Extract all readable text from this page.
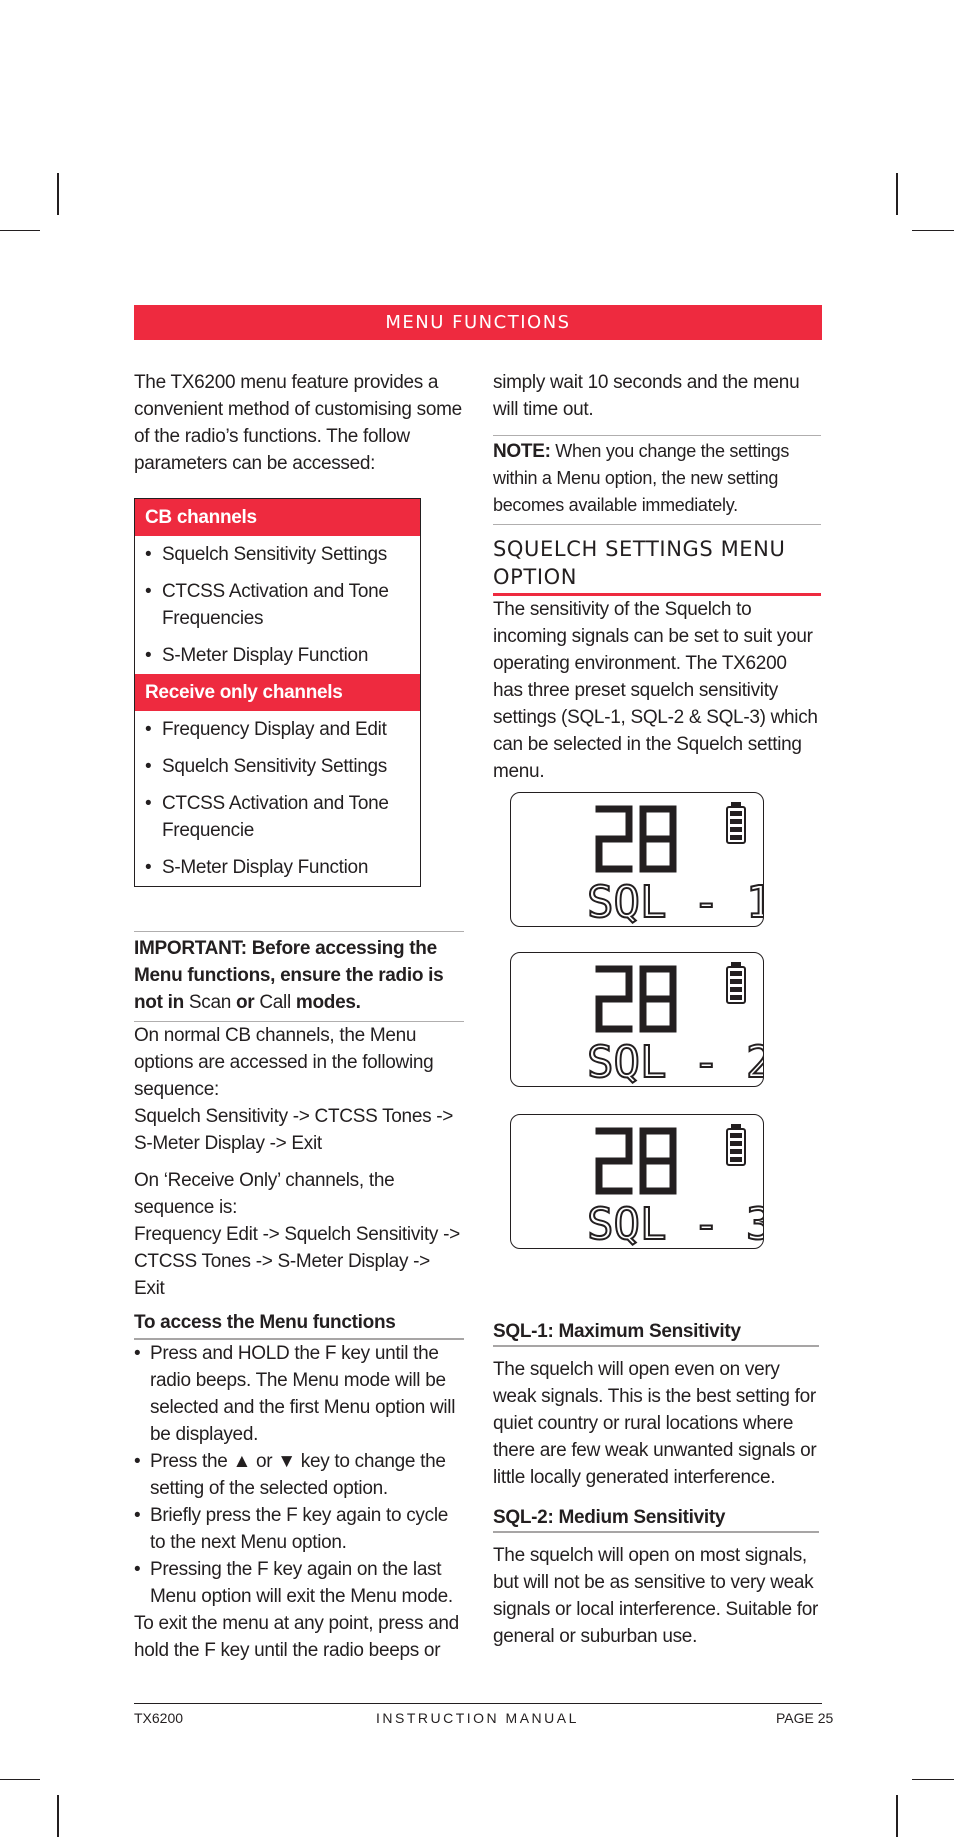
MENU FUNCTIONS

The TX6200 menu feature provides a convenient method of customising some of the radio’s functions. The follow parameters can be accessed:

CB channels
• Squelch Sensitivity Settings
• CTCSS Activation and Tone Frequencies
• S-Meter Display Function
Receive only channels
• Frequency Display and Edit
• Squelch Sensitivity Settings
• CTCSS Activation and Tone Frequencie
• S-Meter Display Function
IMPORTANT: Before accessing the Menu functions, ensure the radio is not in Scan or Call modes.

On normal CB channels, the Menu options are accessed in the following sequence:

Squelch Sensitivity -> CTCSS Tones -> S-Meter Display -> Exit

On ‘Receive Only’ channels, the sequence is:

Frequency Edit -> Squelch Sensitivity -> CTCSS Tones -> S-Meter Display -> Exit

To access the Menu functions

• Press and HOLD the F key until the radio beeps. The Menu mode will be selected and the first Menu option will be displayed.

• Press the ▲ or ▼ key to change the setting of the selected option.

• Briefly press the F key again to cycle to the next Menu option.

• Pressing the F key again on the last Menu option will exit the Menu mode.

To exit the menu at any point, press and hold the F key until the radio beeps or

simply wait 10 seconds and the menu will time out.

NOTE: When you change the settings within a Menu option, the new setting becomes available immediately.
SQUELCH SETTINGS MENU OPTION

The sensitivity of the Squelch to incoming signals can be set to suit your operating environment. The TX6200 has three preset squelch sensitivity settings (SQL-1, SQL-2 & SQL-3) which can be selected in the Squelch setting menu.

SQL - 1
SQL - 2
SQL - 3
SQL-1: Maximum Sensitivity
The squelch will open even on very weak signals. This is the best setting for quiet country or rural locations where there are few weak unwanted signals or little locally generated interference.
SQL-2: Medium Sensitivity
The squelch will open on most signals, but will not be as sensitive to very weak signals or local interference. Suitable for general or suburban use.
TX6200	INSTRUCTION MANUAL	PAGE 25
